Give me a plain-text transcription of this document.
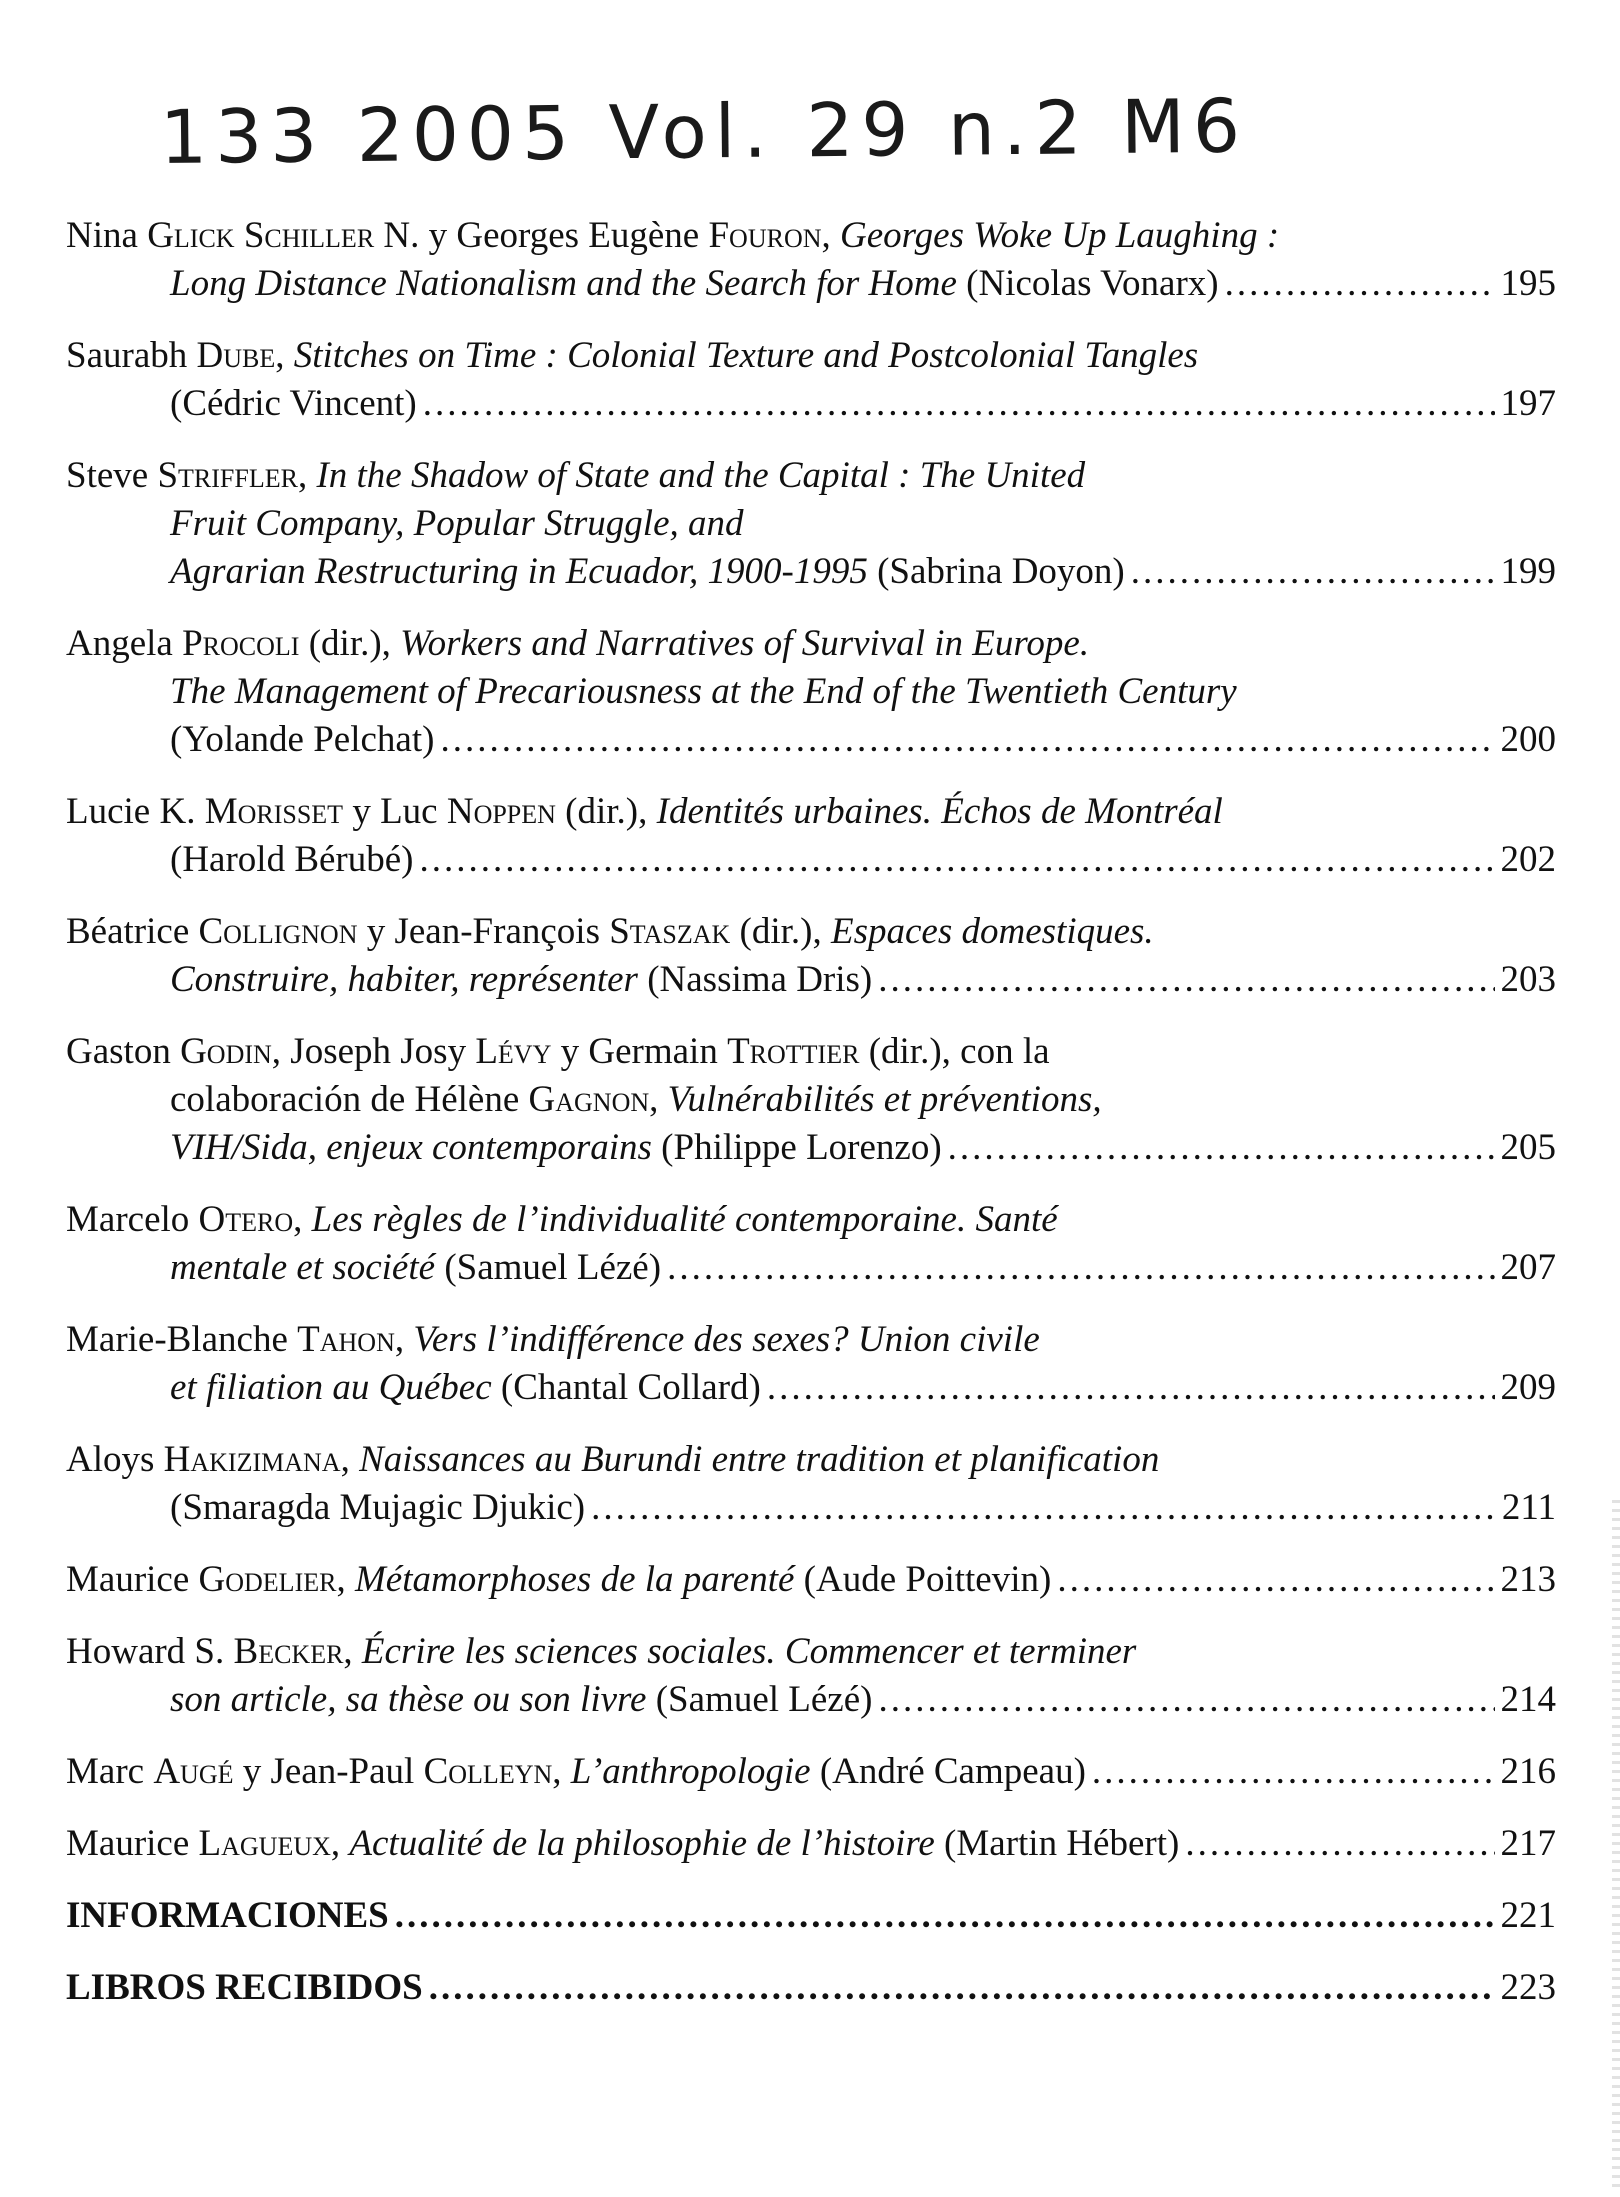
133 2005 Vol. 29 n.2 M6
Nina Glick Schiller N. y Georges Eugène Fouron, Georges Woke Up Laughing :
Long Distance Nationalism and the Search for Home (Nicolas Vonarx) .....	195
Saurabh Dube, Stitches on Time : Colonial Texture and Postcolonial Tangles
(Cédric Vincent) .....	197
Steve Striffler, In the Shadow of State and the Capital : The United
Fruit Company, Popular Struggle, and
Agrarian Restructuring in Ecuador, 1900-1995 (Sabrina Doyon) .....	199
Angela Procoli (dir.), Workers and Narratives of Survival in Europe.
The Management of Precariousness at the End of the Twentieth Century
(Yolande Pelchat) .....	200
Lucie K. Morisset y Luc Noppen (dir.), Identités urbaines. Échos de Montréal
(Harold Bérubé) .....	202
Béatrice Collignon y Jean-François Staszak (dir.), Espaces domestiques.
Construire, habiter, représenter (Nassima Dris) .....	203
Gaston Godin, Joseph Josy Lévy y Germain Trottier (dir.), con la
colaboración de Hélène Gagnon, Vulnérabilités et préventions,
VIH/Sida, enjeux contemporains (Philippe Lorenzo) .....	205
Marcelo Otero, Les règles de l’individualité contemporaine. Santé
mentale et société (Samuel Lézé) .....	207
Marie-Blanche Tahon, Vers l’indifférence des sexes? Union civile
et filiation au Québec (Chantal Collard) .....	209
Aloys Hakizimana, Naissances au Burundi entre tradition et planification
(Smaragda Mujagic Djukic) .....	211
Maurice Godelier, Métamorphoses de la parenté (Aude Poittevin) .....	213
Howard S. Becker, Écrire les sciences sociales. Commencer et terminer
son article, sa thèse ou son livre (Samuel Lézé) .....	214
Marc Augé y Jean-Paul Colleyn, L’anthropologie (André Campeau) .....	216
Maurice Lagueux, Actualité de la philosophie de l’histoire (Martin Hébert) .....	217
INFORMACIONES .....	221
LIBROS RECIBIDOS .....	223
